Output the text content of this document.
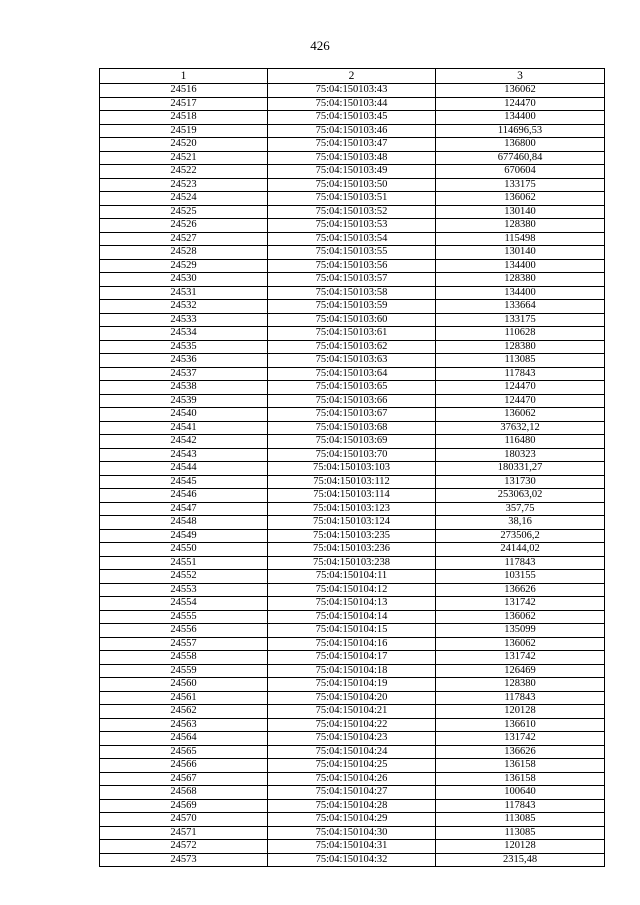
426
1	2	3
24516	75:04:150103:43	136062
24517	75:04:150103:44	124470
24518	75:04:150103:45	134400
24519	75:04:150103:46	114696,53
24520	75:04:150103:47	136800
24521	75:04:150103:48	677460,84
24522	75:04:150103:49	670604
24523	75:04:150103:50	133175
24524	75:04:150103:51	136062
24525	75:04:150103:52	130140
24526	75:04:150103:53	128380
24527	75:04:150103:54	115498
24528	75:04:150103:55	130140
24529	75:04:150103:56	134400
24530	75:04:150103:57	128380
24531	75:04:150103:58	134400
24532	75:04:150103:59	133664
24533	75:04:150103:60	133175
24534	75:04:150103:61	110628
24535	75:04:150103:62	128380
24536	75:04:150103:63	113085
24537	75:04:150103:64	117843
24538	75:04:150103:65	124470
24539	75:04:150103:66	124470
24540	75:04:150103:67	136062
24541	75:04:150103:68	37632,12
24542	75:04:150103:69	116480
24543	75:04:150103:70	180323
24544	75:04:150103:103	180331,27
24545	75:04:150103:112	131730
24546	75:04:150103:114	253063,02
24547	75:04:150103:123	357,75
24548	75:04:150103:124	38,16
24549	75:04:150103:235	273506,2
24550	75:04:150103:236	24144,02
24551	75:04:150103:238	117843
24552	75:04:150104:11	103155
24553	75:04:150104:12	136626
24554	75:04:150104:13	131742
24555	75:04:150104:14	136062
24556	75:04:150104:15	135099
24557	75:04:150104:16	136062
24558	75:04:150104:17	131742
24559	75:04:150104:18	126469
24560	75:04:150104:19	128380
24561	75:04:150104:20	117843
24562	75:04:150104:21	120128
24563	75:04:150104:22	136610
24564	75:04:150104:23	131742
24565	75:04:150104:24	136626
24566	75:04:150104:25	136158
24567	75:04:150104:26	136158
24568	75:04:150104:27	100640
24569	75:04:150104:28	117843
24570	75:04:150104:29	113085
24571	75:04:150104:30	113085
24572	75:04:150104:31	120128
24573	75:04:150104:32	2315,48
